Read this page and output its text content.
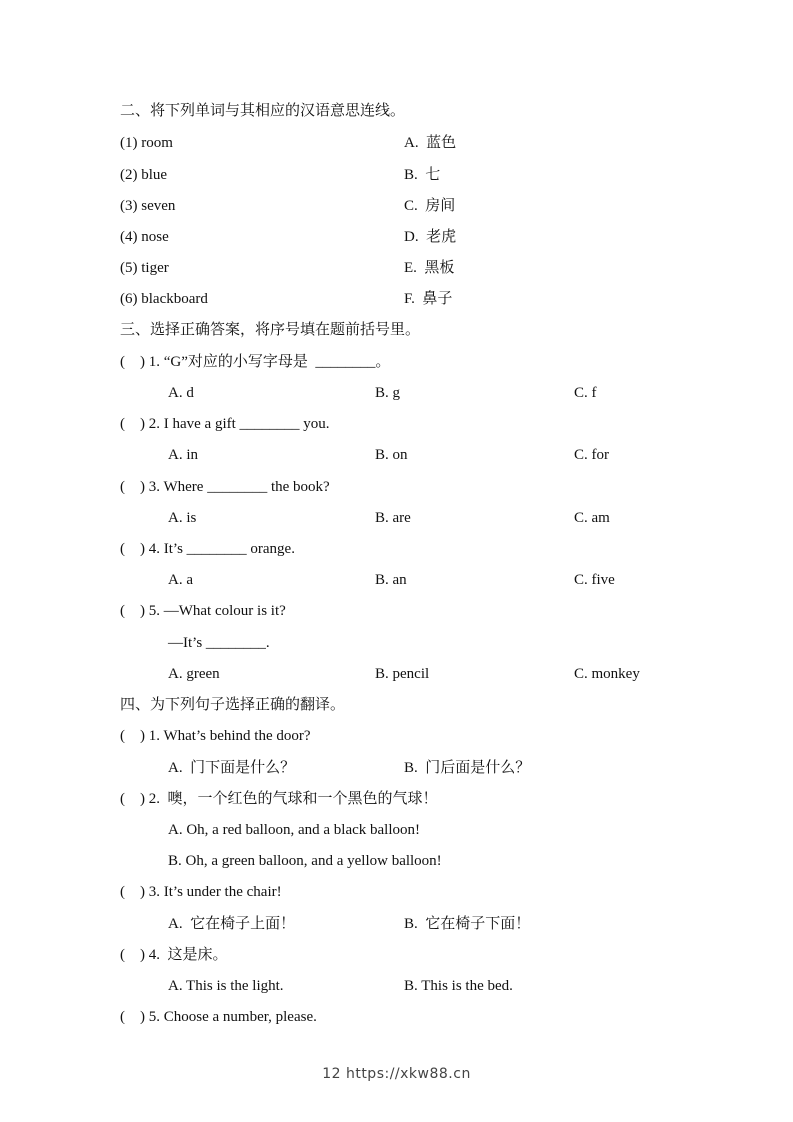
二、将下列单词与其相应的汉语意思连线。

(1) room

	A.  蓝色

(2) blue

	B.  七

(3) seven

	C.  房间

(4) nose

	D.  老虎

(5) tiger

	E.  黑板

(6) blackboard

	F.  鼻子

三、选择正确答案，将序号填在题前括号里。

(    ) 1. “G”对应的小写字母是  ________。

A. d

	B. g

	C. f

(    ) 2. I have a gift ________ you.

A. in

	B. on

	C. for

(    ) 3. Where ________ the book?

A. is

	B. are

	C. am

(    ) 4. It’s ________ orange.

A. a

	B. an

	C. five

(    ) 5. —What colour is it?

—It’s ________.

A. green

	B. pencil

	C. monkey

四、为下列句子选择正确的翻译。

(    ) 1. What’s behind the door?

A.  门下面是什么？

	B.  门后面是什么？

(    ) 2.  噢，一个红色的气球和一个黑色的气球！

A. Oh, a red balloon, and a black balloon!

B. Oh, a green balloon, and a yellow balloon!

(    ) 3. It’s under the chair!

A.  它在椅子上面！

	B.  它在椅子下面！

(    ) 4.  这是床。

A. This is the light.

	B. This is the bed.

(    ) 5. Choose a number, please.

12 https://xkw88.cn
